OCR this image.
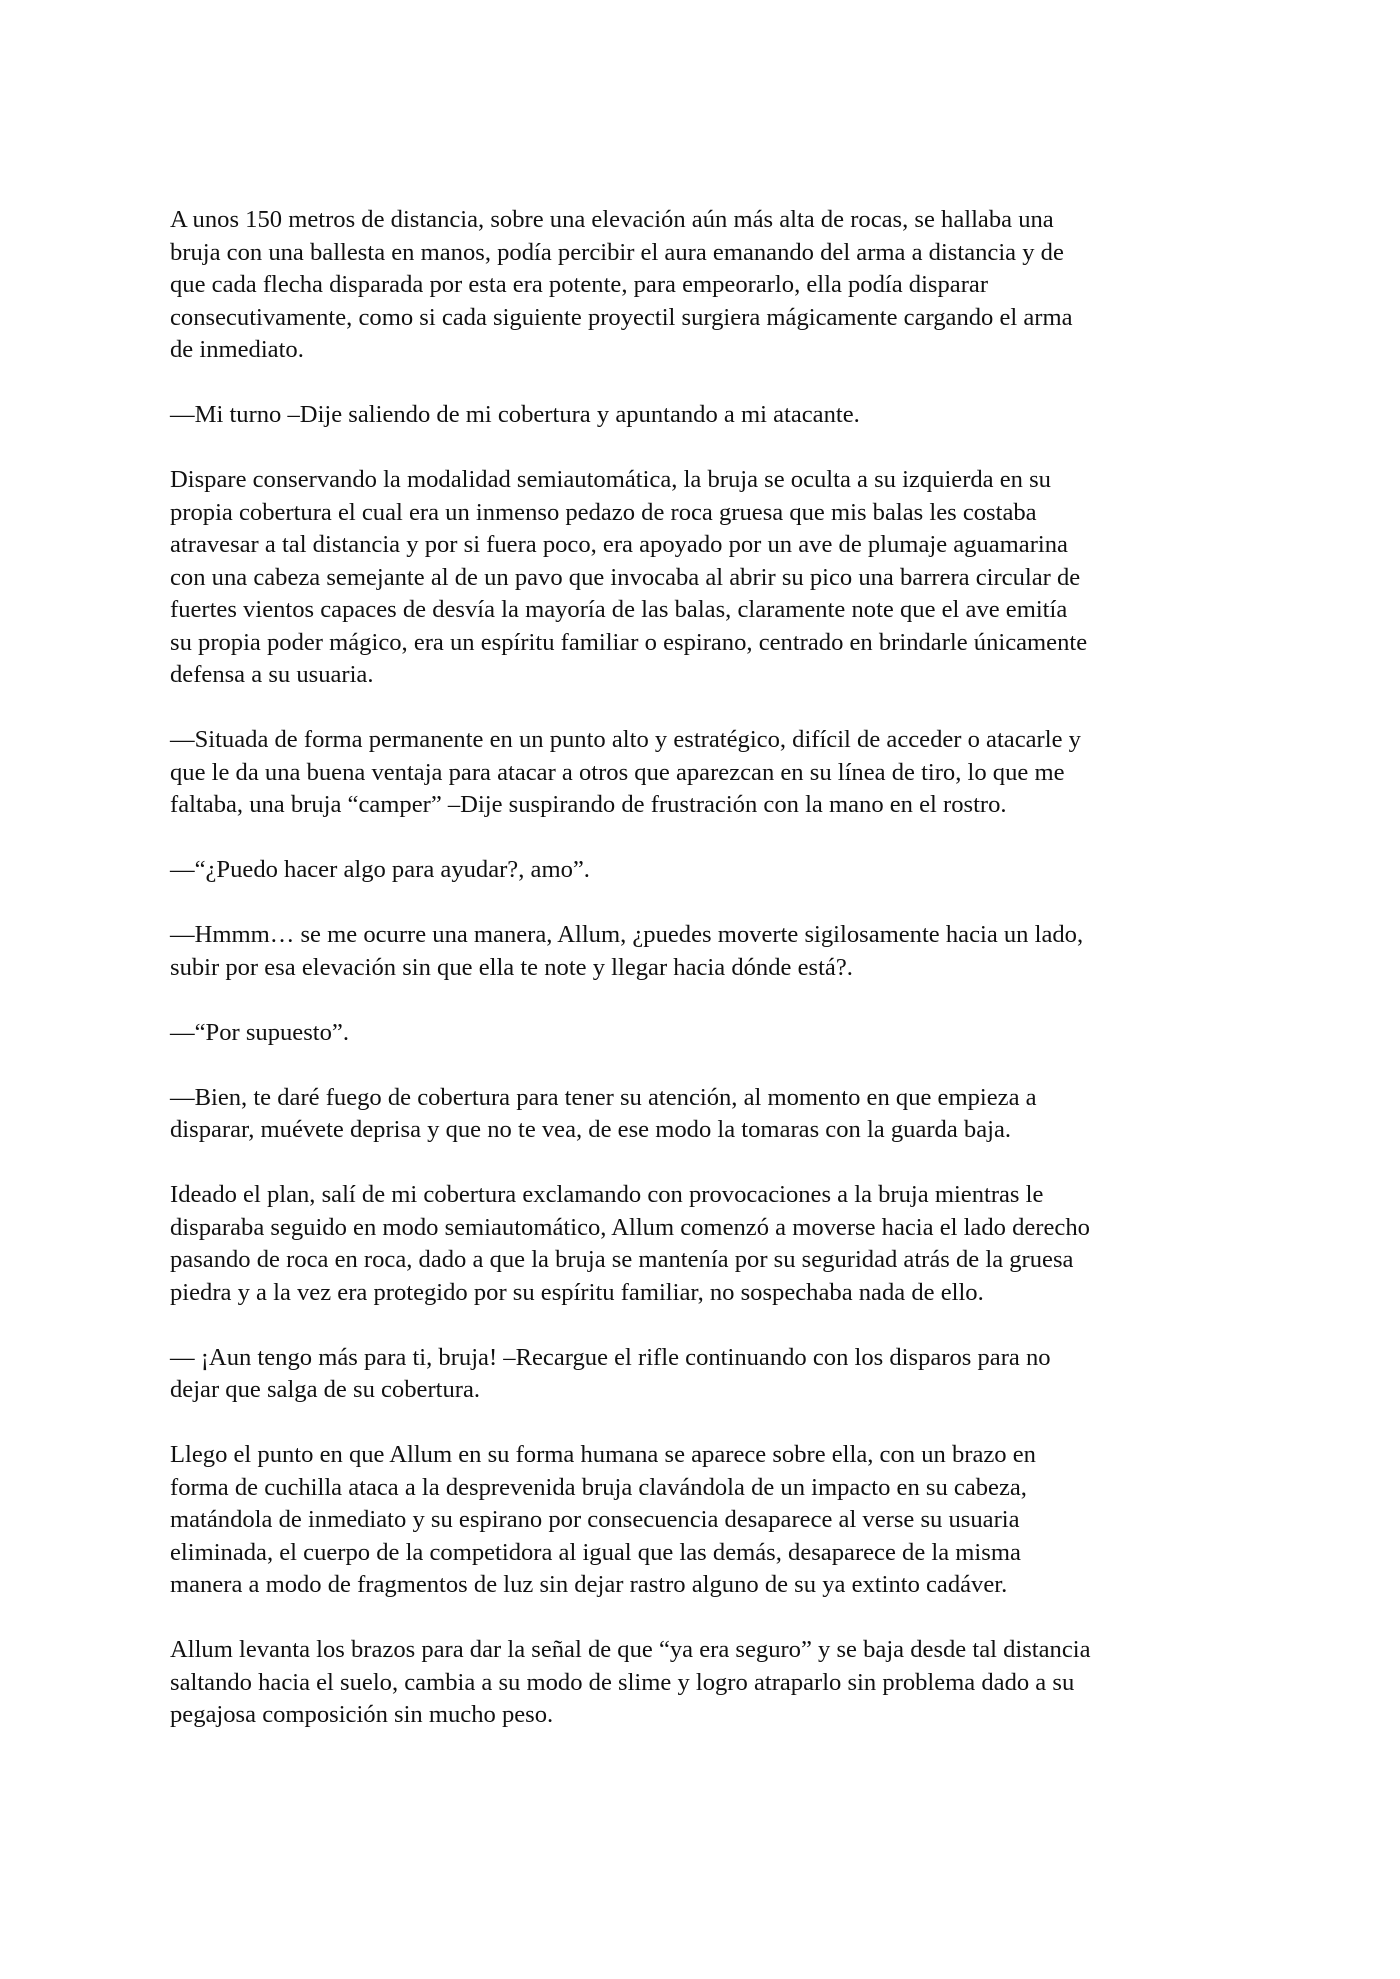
A unos 150 metros de distancia, sobre una elevación aún más alta de rocas, se hallaba una
bruja con una ballesta en manos, podía percibir el aura emanando del arma a distancia y de
que cada flecha disparada por esta era potente, para empeorarlo, ella podía disparar
consecutivamente, como si cada siguiente proyectil surgiera mágicamente cargando el arma
de inmediato.

—Mi turno –Dije saliendo de mi cobertura y apuntando a mi atacante.

Dispare conservando la modalidad semiautomática, la bruja se oculta a su izquierda en su
propia cobertura el cual era un inmenso pedazo de roca gruesa que mis balas les costaba
atravesar a tal distancia y por si fuera poco, era apoyado por un ave de plumaje aguamarina
con una cabeza semejante al de un pavo que invocaba al abrir su pico una barrera circular de
fuertes vientos capaces de desvía la mayoría de las balas, claramente note que el ave emitía
su propia poder mágico, era un espíritu familiar o espirano, centrado en brindarle únicamente
defensa a su usuaria.

—Situada de forma permanente en un punto alto y estratégico, difícil de acceder o atacarle y
que le da una buena ventaja para atacar a otros que aparezcan en su línea de tiro, lo que me
faltaba, una bruja “camper” –Dije suspirando de frustración con la mano en el rostro.

—“¿Puedo hacer algo para ayudar?, amo”.

—Hmmm… se me ocurre una manera, Allum, ¿puedes moverte sigilosamente hacia un lado,
subir por esa elevación sin que ella te note y llegar hacia dónde está?.

—“Por supuesto”.

—Bien, te daré fuego de cobertura para tener su atención, al momento en que empieza a
disparar, muévete deprisa y que no te vea, de ese modo la tomaras con la guarda baja.

Ideado el plan, salí de mi cobertura exclamando con provocaciones a la bruja mientras le
disparaba seguido en modo semiautomático, Allum comenzó a moverse hacia el lado derecho
pasando de roca en roca, dado a que la bruja se mantenía por su seguridad atrás de la gruesa
piedra y a la vez era protegido por su espíritu familiar, no sospechaba nada de ello.

— ¡Aun tengo más para ti, bruja! –Recargue el rifle continuando con los disparos para no
dejar que salga de su cobertura.

Llego el punto en que Allum en su forma humana se aparece sobre ella, con un brazo en
forma de cuchilla ataca a la desprevenida bruja clavándola de un impacto en su cabeza,
matándola de inmediato y su espirano por consecuencia desaparece al verse su usuaria
eliminada, el cuerpo de la competidora al igual que las demás, desaparece de la misma
manera a modo de fragmentos de luz sin dejar rastro alguno de su ya extinto cadáver.

Allum levanta los brazos para dar la señal de que “ya era seguro” y se baja desde tal distancia
saltando hacia el suelo, cambia a su modo de slime y logro atraparlo sin problema dado a su
pegajosa composición sin mucho peso.
